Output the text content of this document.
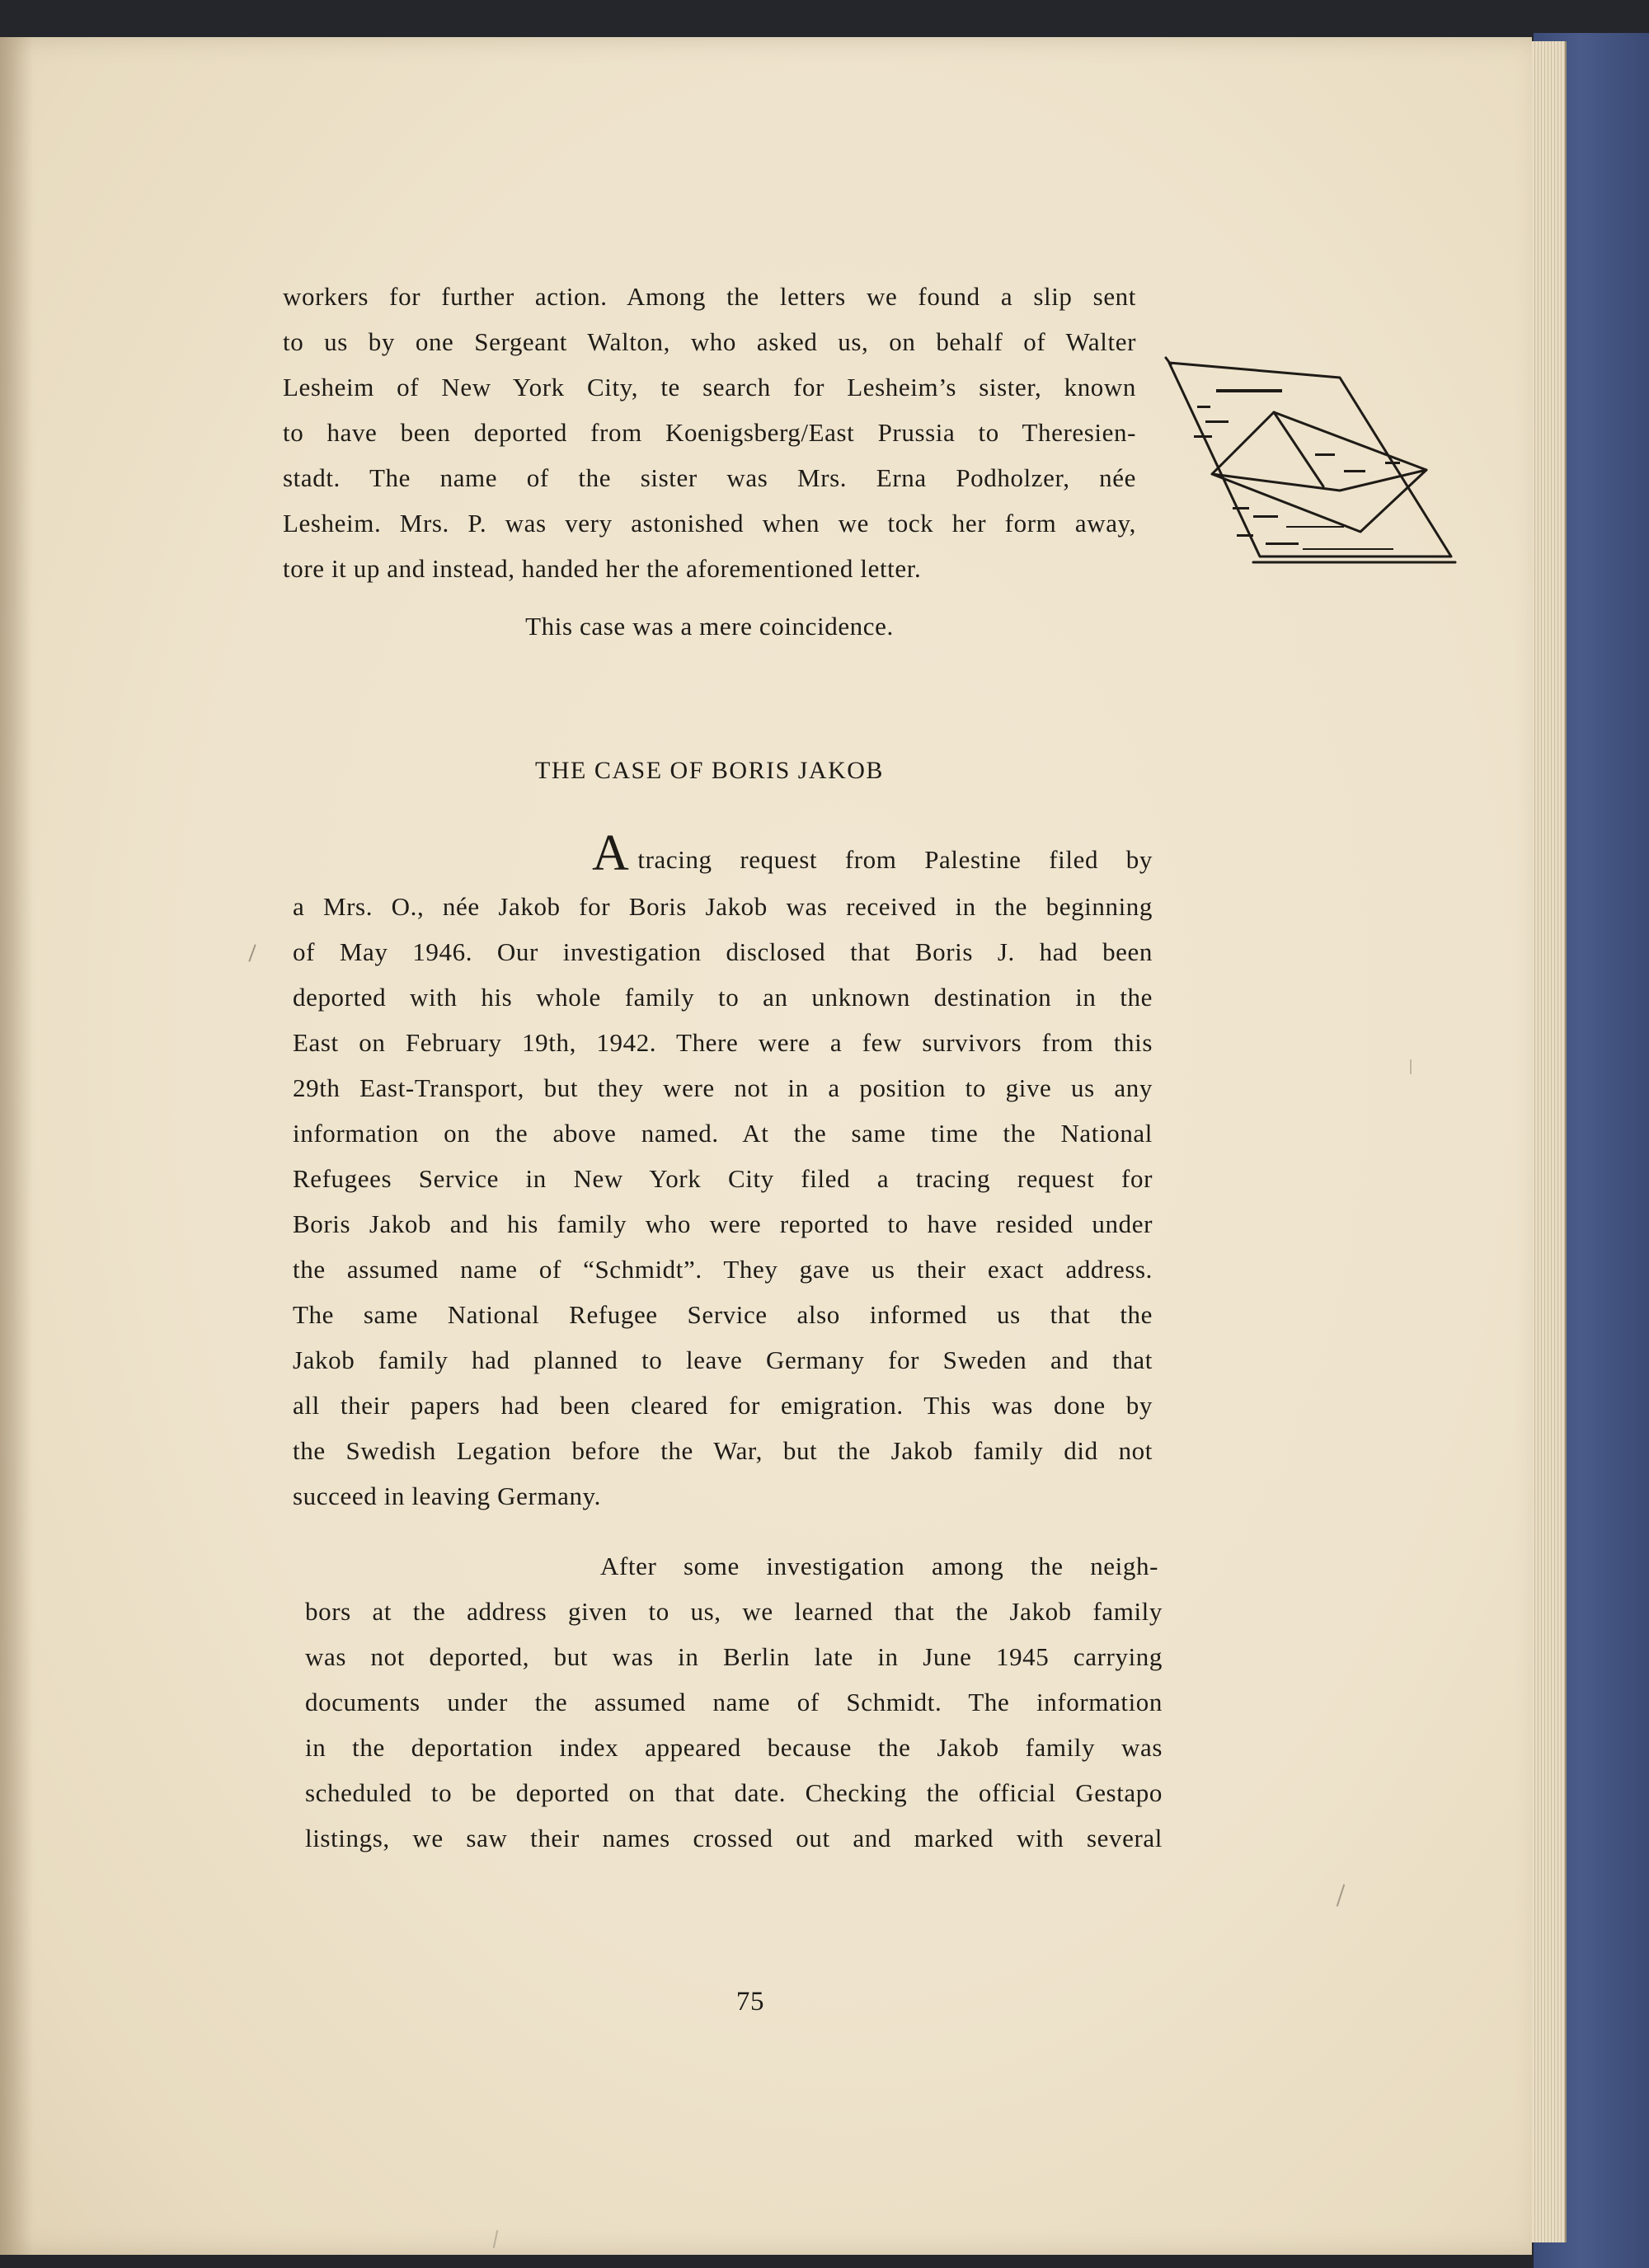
workers for further action. Among the letters we found a slip sent
to us by one Sergeant Walton, who asked us, on behalf of Walter
Lesheim of New York City, te search for Lesheim’s sister, known
to have been deported from Koenigsberg/East Prussia to Theresien-
stadt. The name of the sister was Mrs. Erna Podholzer, née
Lesheim. Mrs. P. was very astonished when we tock her form away,
tore it up and instead, handed her the aforementioned letter.
This case was a mere coincidence.
THE CASE OF BORIS JAKOB
Atracing request from Palestine filed by
a Mrs. O., née Jakob for Boris Jakob was received in the beginning
of May 1946. Our investigation disclosed that Boris J. had been
deported with his whole family to an unknown destination in the
East on February 19th, 1942. There were a few survivors from this
29th East-Transport, but they were not in a position to give us any
information on the above named. At the same time the National
Refugees Service in New York City filed a tracing request for
Boris Jakob and his family who were reported to have resided under
the assumed name of “Schmidt”. They gave us their exact address.
The same National Refugee Service also informed us that the
Jakob family had planned to leave Germany for Sweden and that
all their papers had been cleared for emigration. This was done by
the Swedish Legation before the War, but the Jakob family did not
succeed in leaving Germany.
After some investigation among the neigh-
bors at the address given to us, we learned that the Jakob family
was not deported, but was in Berlin late in June 1945 carrying
documents under the assumed name of Schmidt. The information
in the deportation index appeared because the Jakob family was
scheduled to be deported on that date. Checking the official Gestapo
listings, we saw their names crossed out and marked with several
75
